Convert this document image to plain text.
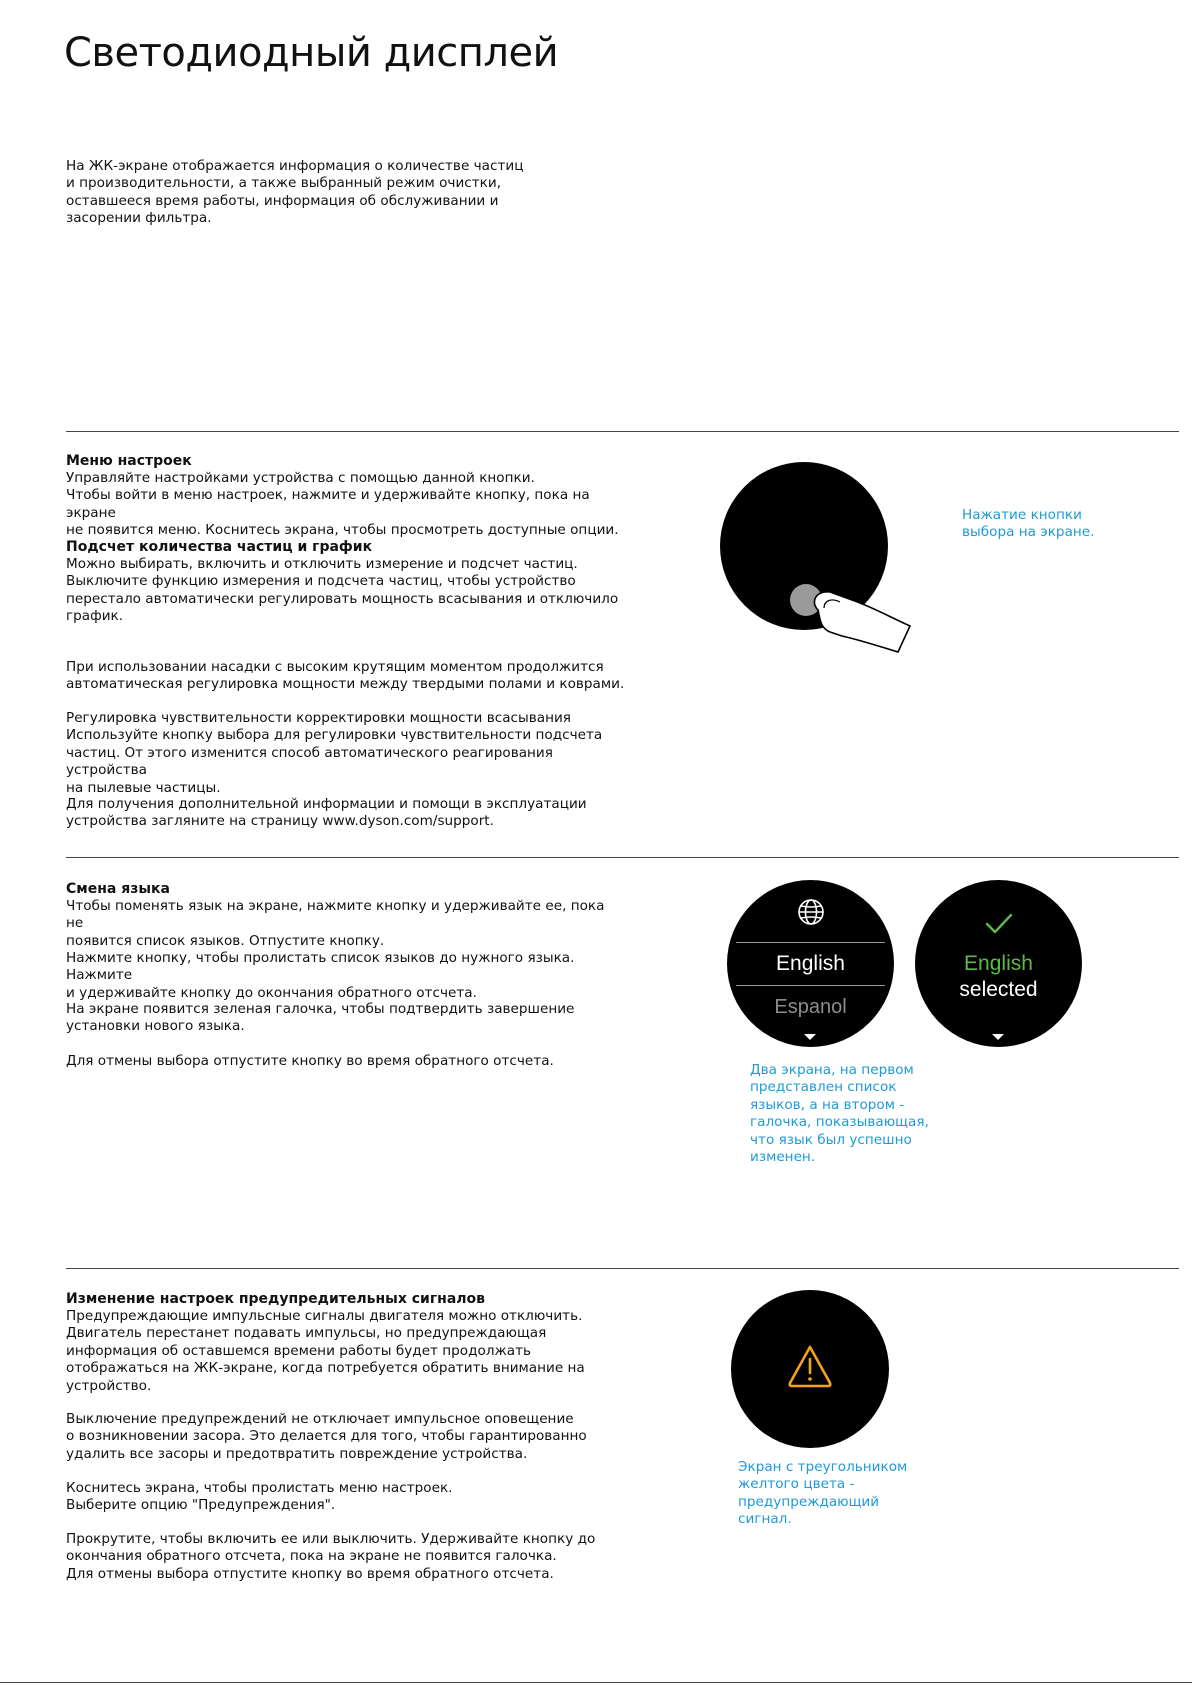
Светодиодный дисплей

На ЖК-экране отображается информация о количестве частиц
и производительности, а также выбранный режим очистки,
оставшееся время работы, информация об обслуживании и
засорении фильтра.

Меню настроек

Управляйте настройками устройства с помощью данной кнопки.
Чтобы войти в меню настроек, нажмите и удерживайте кнопку, пока на экране
не появится меню. Коснитесь экрана, чтобы просмотреть доступные опции.

Подсчет количества частиц и график

Можно выбирать, включить и отключить измерение и подсчет частиц.
Выключите функцию измерения и подсчета частиц, чтобы устройство
перестало автоматически регулировать мощность всасывания и отключило
график.

При использовании насадки с высоким крутящим моментом продолжится
автоматическая регулировка мощности между твердыми полами и коврами.

Регулировка чувствительности корректировки мощности всасывания
Используйте кнопку выбора для регулировки чувствительности подсчета
частиц. От этого изменится способ автоматического реагирования устройства
на пылевые частицы.

Для получения дополнительной информации и помощи в эксплуатации
устройства загляните на страницу www.dyson.com/support.

Нажатие кнопки
выбора на экране.

Смена языка

Чтобы поменять язык на экране, нажмите кнопку и удерживайте ее, пока не
появится список языков. Отпустите кнопку.

Нажмите кнопку, чтобы пролистать список языков до нужного языка. Нажмите
и удерживайте кнопку до окончания обратного отсчета.

На экране появится зеленая галочка, чтобы подтвердить завершение
установки нового языка.

Для отмены выбора отпустите кнопку во время обратного отсчета.

English
Espanol
English
selected

Два экрана, на первом
представлен список
языков, а на втором -
галочка, показывающая,
что язык был успешно
изменен.

Изменение настроек предупредительных сигналов

Предупреждающие импульсные сигналы двигателя можно отключить.
Двигатель перестанет подавать импульсы, но предупреждающая
информация об оставшемся времени работы будет продолжать
отображаться на ЖК-экране, когда потребуется обратить внимание на
устройство.

Выключение предупреждений не отключает импульсное оповещение
о возникновении засора. Это делается для того, чтобы гарантированно
удалить все засоры и предотвратить повреждение устройства.

Коснитесь экрана, чтобы пролистать меню настроек.
Выберите опцию "Предупреждения".

Прокрутите, чтобы включить ее или выключить. Удерживайте кнопку до
окончания обратного отсчета, пока на экране не появится галочка.
Для отмены выбора отпустите кнопку во время обратного отсчета.

Экран с треугольником
желтого цвета -
предупреждающий
сигнал.
